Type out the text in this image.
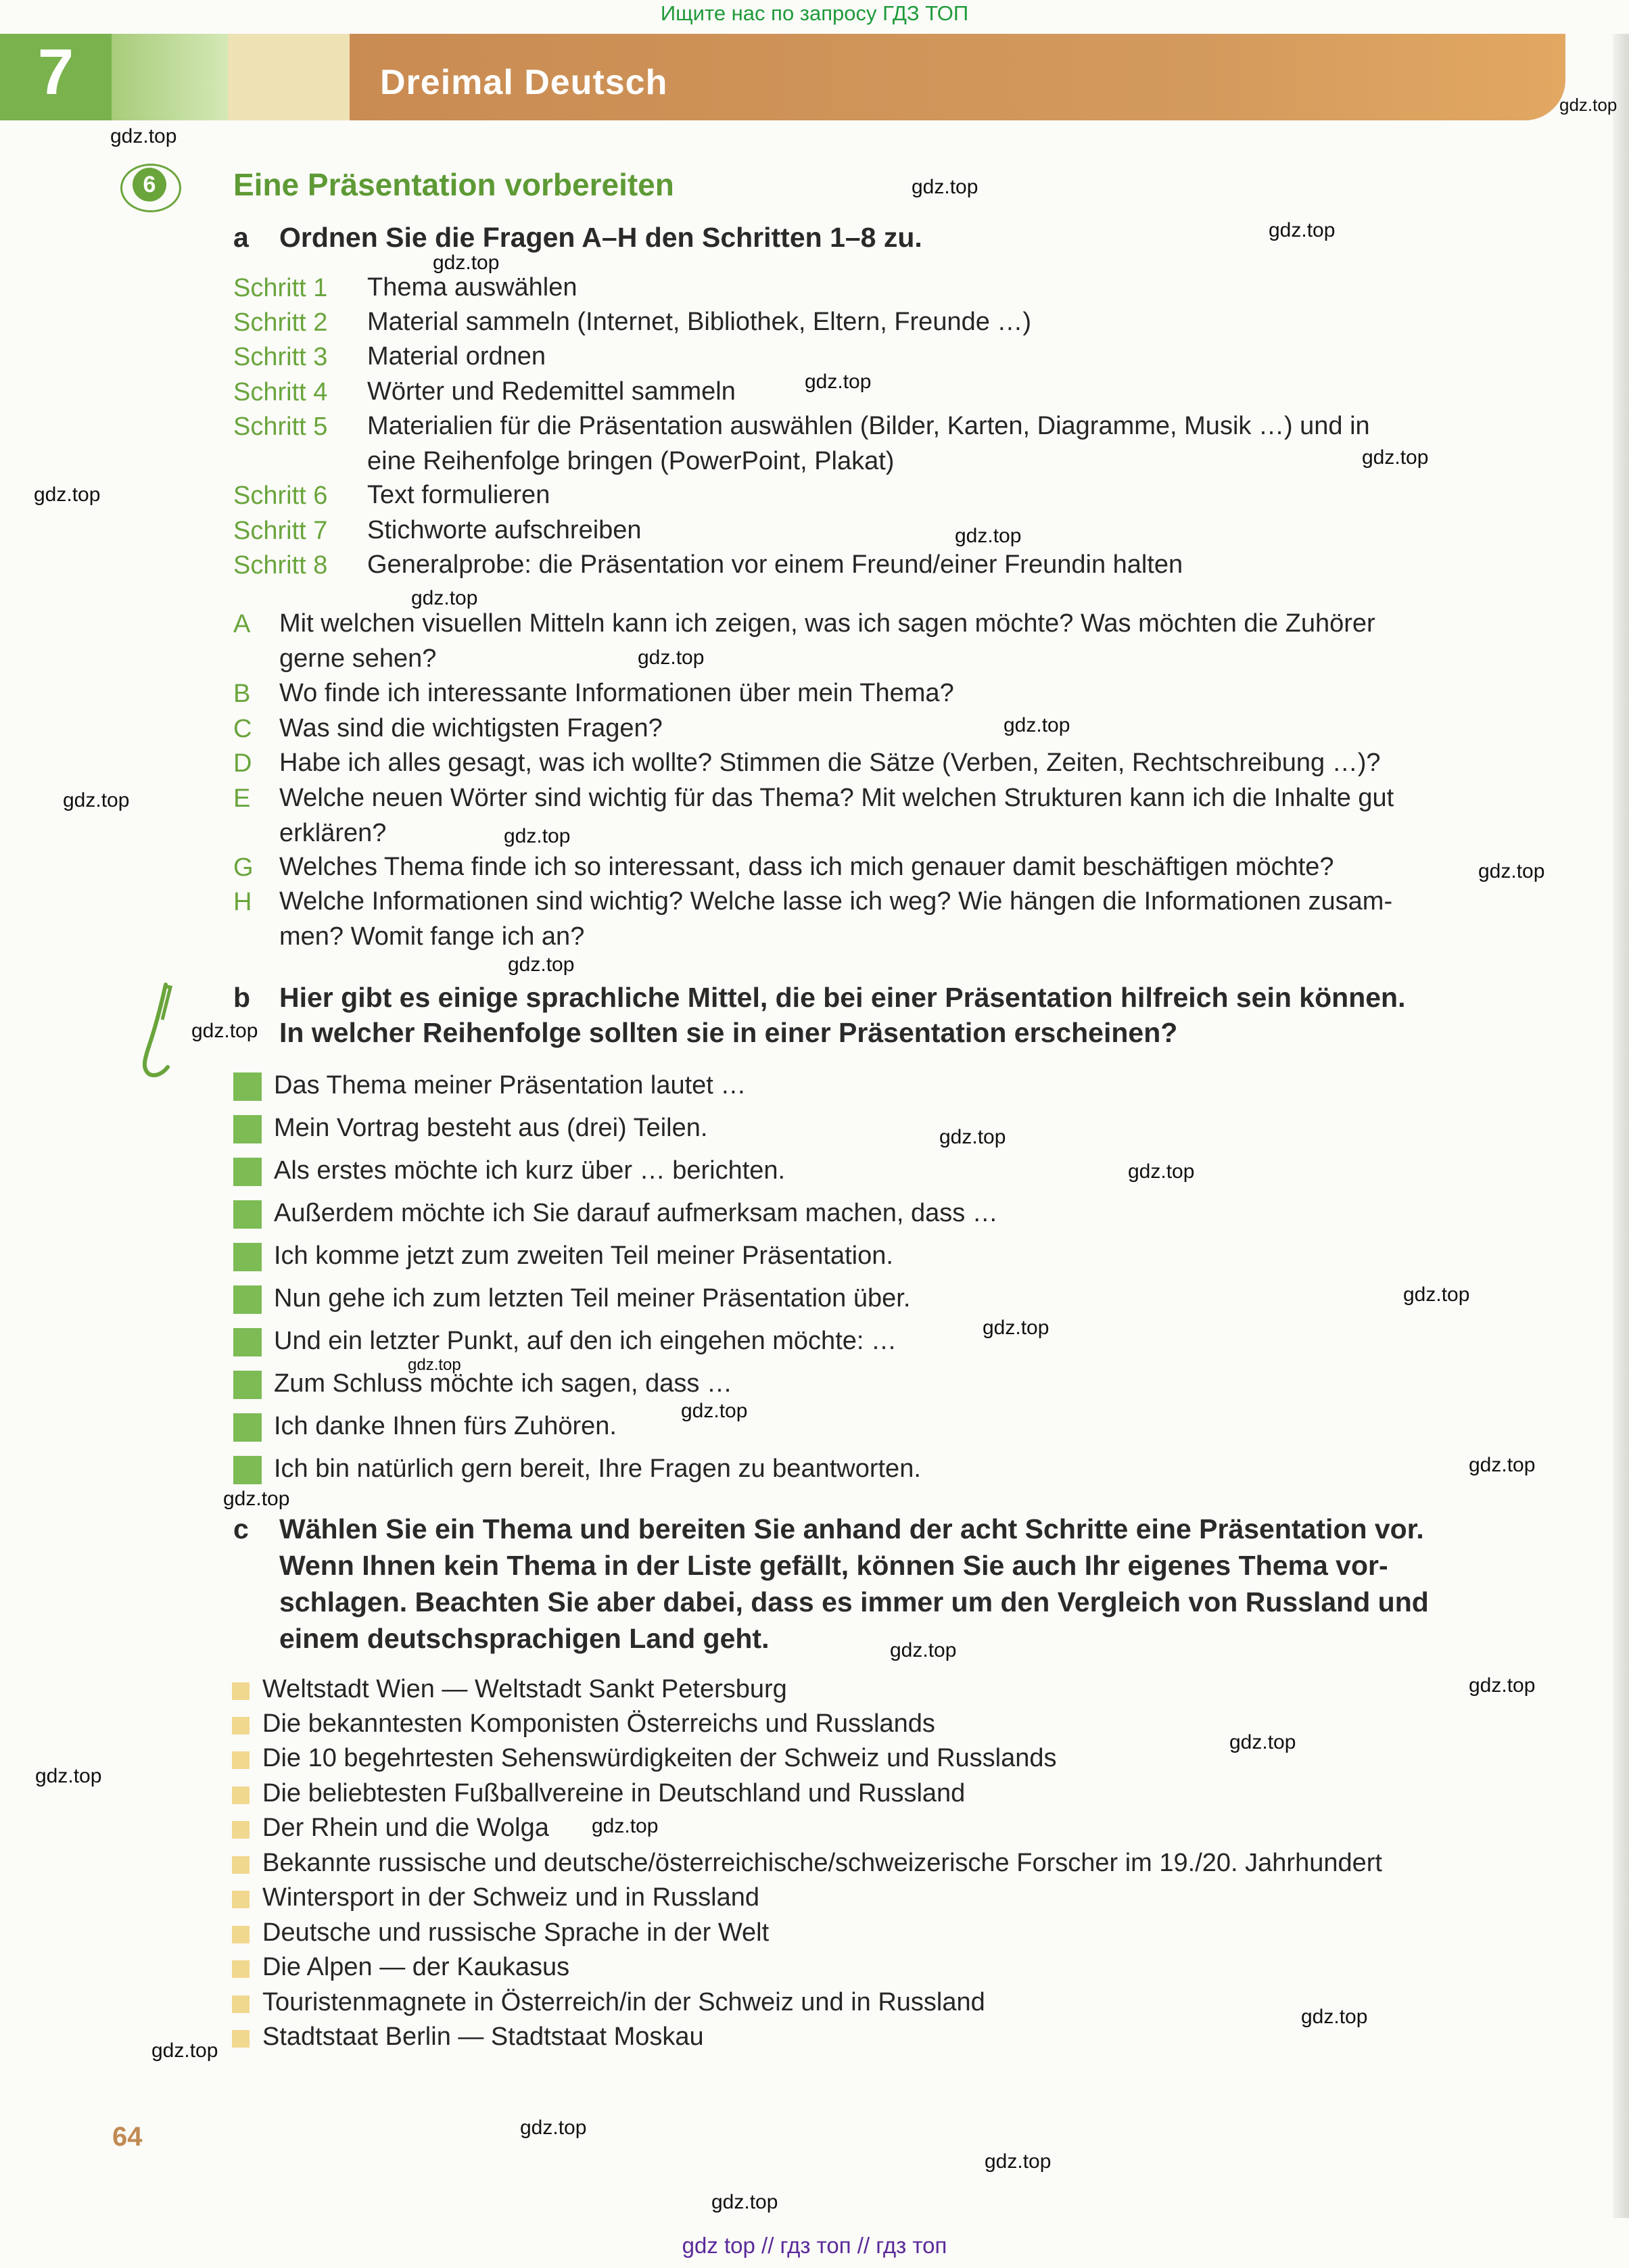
Ищите нас по запросу ГДЗ ТОП
7	Dreimal Deutsch
6	Eine Präsentation vorbereiten
a Ordnen Sie die Fragen A–H den Schritten 1–8 zu.
Schritt 1 Thema auswählen
Schritt 2 Material sammeln (Internet, Bibliothek, Eltern, Freunde …)
Schritt 3 Material ordnen
Schritt 4 Wörter und Redemittel sammeln
Schritt 5 Materialien für die Präsentation auswählen (Bilder, Karten, Diagramme, Musik …) und in
eine Reihenfolge bringen (PowerPoint, Plakat)
Schritt 6 Text formulieren
Schritt 7 Stichworte aufschreiben
Schritt 8 Generalprobe: die Präsentation vor einem Freund/einer Freundin halten
A Mit welchen visuellen Mitteln kann ich zeigen, was ich sagen möchte? Was möchten die Zuhörer
gerne sehen?
B Wo finde ich interessante Informationen über mein Thema?
C Was sind die wichtigsten Fragen?
D Habe ich alles gesagt, was ich wollte? Stimmen die Sätze (Verben, Zeiten, Rechtschreibung …)?
E Welche neuen Wörter sind wichtig für das Thema? Mit welchen Strukturen kann ich die Inhalte gut
erklären?
G Welches Thema finde ich so interessant, dass ich mich genauer damit beschäftigen möchte?
H Welche Informationen sind wichtig? Welche lasse ich weg? Wie hängen die Informationen zusam-
men? Womit fange ich an?
b Hier gibt es einige sprachliche Mittel, die bei einer Präsentation hilfreich sein können.
In welcher Reihenfolge sollten sie in einer Präsentation erscheinen?
Das Thema meiner Präsentation lautet …
Mein Vortrag besteht aus (drei) Teilen.
Als erstes möchte ich kurz über … berichten.
Außerdem möchte ich Sie darauf aufmerksam machen, dass …
Ich komme jetzt zum zweiten Teil meiner Präsentation.
Nun gehe ich zum letzten Teil meiner Präsentation über.
Und ein letzter Punkt, auf den ich eingehen möchte: …
Zum Schluss möchte ich sagen, dass …
Ich danke Ihnen fürs Zuhören.
Ich bin natürlich gern bereit, Ihre Fragen zu beantworten.
c Wählen Sie ein Thema und bereiten Sie anhand der acht Schritte eine Präsentation vor.
Wenn Ihnen kein Thema in der Liste gefällt, können Sie auch Ihr eigenes Thema vor-
schlagen. Beachten Sie aber dabei, dass es immer um den Vergleich von Russland und
einem deutschsprachigen Land geht.
Weltstadt Wien — Weltstadt Sankt Petersburg
Die bekanntesten Komponisten Österreichs und Russlands
Die 10 begehrtesten Sehenswürdigkeiten der Schweiz und Russlands
Die beliebtesten Fußballvereine in Deutschland und Russland
Der Rhein und die Wolga
Bekannte russische und deutsche/österreichische/schweizerische Forscher im 19./20. Jahrhundert
Wintersport in der Schweiz und in Russland
Deutsche und russische Sprache in der Welt
Die Alpen — der Kaukasus
Touristenmagnete in Österreich/in der Schweiz und in Russland
Stadtstaat Berlin — Stadtstaat Moskau
gdz.top
gdz.top
gdz.top
gdz.top
gdz.top
gdz.top
gdz.top
gdz.top
gdz.top
gdz.top
gdz.top
gdz.top
gdz.top
gdz.top
gdz.top
gdz.top
gdz.top
gdz.top
gdz.top
gdz.top
gdz.top
gdz.top
gdz.top
gdz.top
gdz.top
gdz.top
gdz.top
gdz.top
gdz.top
gdz.top
gdz.top
gdz.top
gdz.top
gdz.top
gdz.top
64
gdz top // гдз топ // гдз топ
